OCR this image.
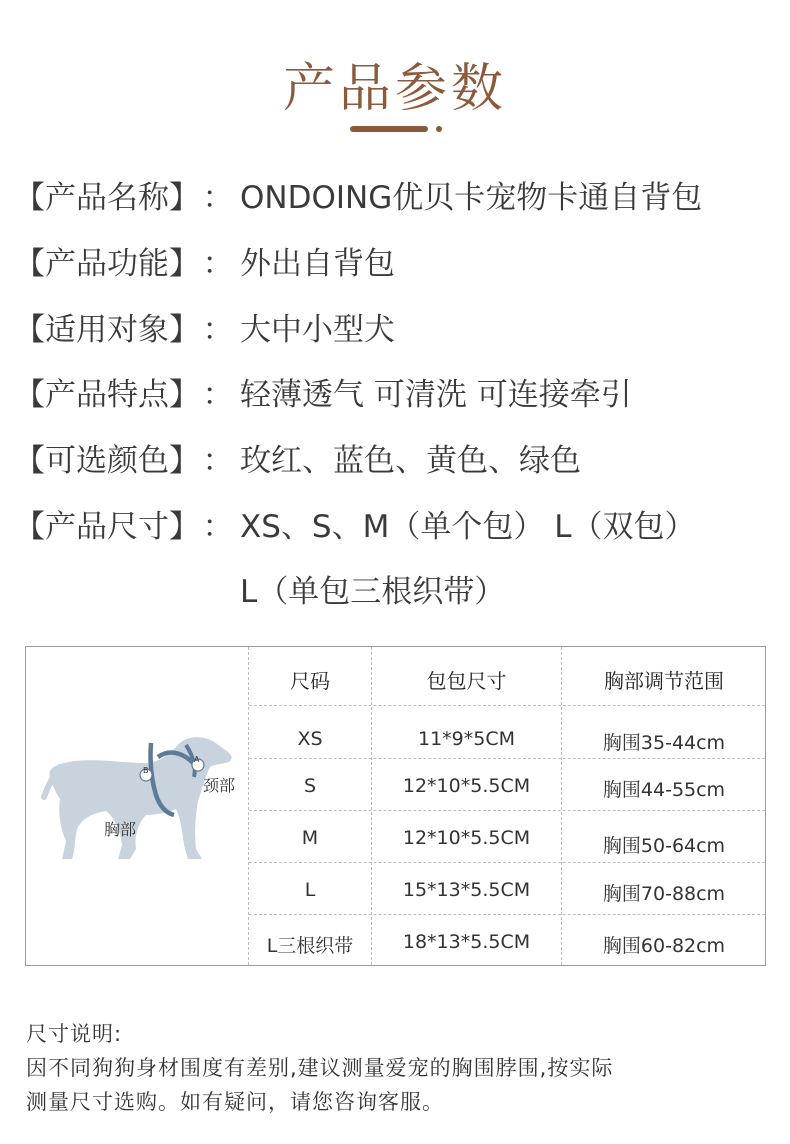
产品参数
【产品名称】： ONDOING优贝卡宠物卡通自背包
【产品功能】： 外出自背包
【适用对象】： 大中小型犬
【产品特点】： 轻薄透气 可清洗 可连接牵引
【可选颜色】： 玫红、蓝色、黄色、绿色
【产品尺寸】： XS、S、M（单个包） L（双包）
L（单包三根织带）
A
B
颈部
胸部
尺码	包包尺寸	胸部调节范围
XS	11*9*5CM	胸围35-44cm
S	12*10*5.5CM	胸围44-55cm
M	12*10*5.5CM	胸围50-64cm
L	15*13*5.5CM	胸围70-88cm
L三根织带	18*13*5.5CM	胸围60-82cm
尺寸说明:
因不同狗狗身材围度有差别,建议测量爱宠的胸围脖围,按实际
测量尺寸选购。如有疑问，请您咨询客服。
